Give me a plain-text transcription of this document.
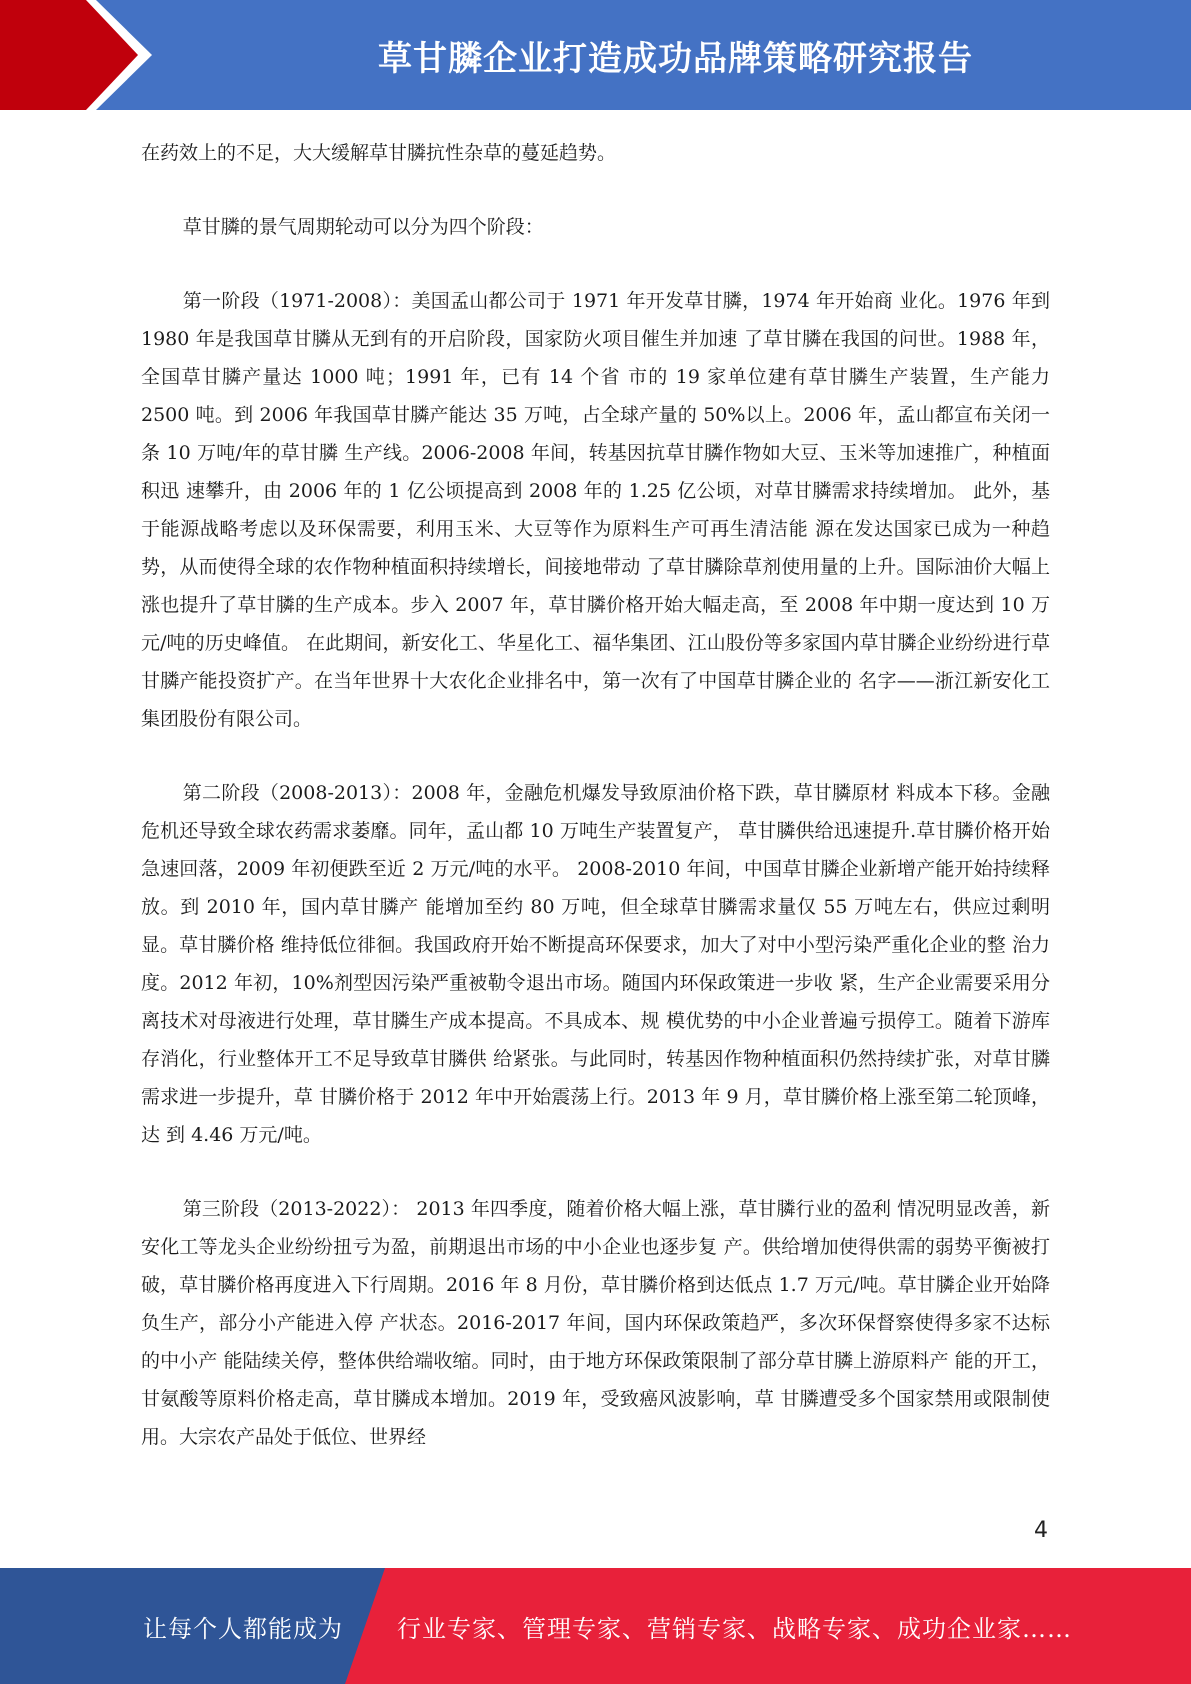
草甘膦企业打造成功品牌策略研究报告

在药效上的不足，大大缓解草甘膦抗性杂草的蔓延趋势。

草甘膦的景气周期轮动可以分为四个阶段：

第一阶段（1971-2008）：美国孟山都公司于 1971 年开发草甘膦，1974 年开始商 业化。1976 年到 1980 年是我国草甘膦从无到有的开启阶段，国家防火项目催生并加速 了草甘膦在我国的问世。1988 年，全国草甘膦产量达 1000 吨；1991 年，已有 14 个省 市的 19 家单位建有草甘膦生产装置，生产能力 2500 吨。到 2006 年我国草甘膦产能达 35 万吨，占全球产量的 50%以上。2006 年，孟山都宣布关闭一条 10 万吨/年的草甘膦 生产线。2006-2008 年间，转基因抗草甘膦作物如大豆、玉米等加速推广，种植面积迅 速攀升，由 2006 年的 1 亿公顷提高到 2008 年的 1.25 亿公顷，对草甘膦需求持续增加。 此外，基于能源战略考虑以及环保需要，利用玉米、大豆等作为原料生产可再生清洁能 源在发达国家已成为一种趋势，从而使得全球的农作物种植面积持续增长，间接地带动 了草甘膦除草剂使用量的上升。国际油价大幅上涨也提升了草甘膦的生产成本。步入 2007 年，草甘膦价格开始大幅走高，至 2008 年中期一度达到 10 万元/吨的历史峰值。 在此期间，新安化工、华星化工、福华集团、江山股份等多家国内草甘膦企业纷纷进行草甘膦产能投资扩产。在当年世界十大农化企业排名中，第一次有了中国草甘膦企业的 名字——浙江新安化工集团股份有限公司。

第二阶段（2008-2013）：2008 年，金融危机爆发导致原油价格下跌，草甘膦原材 料成本下移。金融危机还导致全球农药需求萎靡。同年，孟山都 10 万吨生产装置复产， 草甘膦供给迅速提升.草甘膦价格开始急速回落，2009 年初便跌至近 2 万元/吨的水平。 2008-2010 年间，中国草甘膦企业新增产能开始持续释放。到 2010 年，国内草甘膦产 能增加至约 80 万吨，但全球草甘膦需求量仅 55 万吨左右，供应过剩明显。草甘膦价格 维持低位徘徊。我国政府开始不断提高环保要求，加大了对中小型污染严重化企业的整 治力度。2012 年初，10%剂型因污染严重被勒令退出市场。随国内环保政策进一步收 紧，生产企业需要采用分离技术对母液进行处理，草甘膦生产成本提高。不具成本、规 模优势的中小企业普遍亏损停工。随着下游库存消化，行业整体开工不足导致草甘膦供 给紧张。与此同时，转基因作物种植面积仍然持续扩张，对草甘膦需求进一步提升，草 甘膦价格于 2012 年中开始震荡上行。2013 年 9 月，草甘膦价格上涨至第二轮顶峰，达 到 4.46 万元/吨。

第三阶段（2013-2022）： 2013 年四季度，随着价格大幅上涨，草甘膦行业的盈利 情况明显改善，新安化工等龙头企业纷纷扭亏为盈，前期退出市场的中小企业也逐步复 产。供给增加使得供需的弱势平衡被打破，草甘膦价格再度进入下行周期。2016 年 8 月份，草甘膦价格到达低点 1.7 万元/吨。草甘膦企业开始降负生产，部分小产能进入停 产状态。2016-2017 年间，国内环保政策趋严，多次环保督察使得多家不达标的中小产 能陆续关停，整体供给端收缩。同时，由于地方环保政策限制了部分草甘膦上游原料产 能的开工，甘氨酸等原料价格走高，草甘膦成本增加。2019 年，受致癌风波影响，草 甘膦遭受多个国家禁用或限制使用。大宗农产品处于低位、世界经

4
让每个人都能成为 行业专家、管理专家、营销专家、战略专家、成功企业家……
